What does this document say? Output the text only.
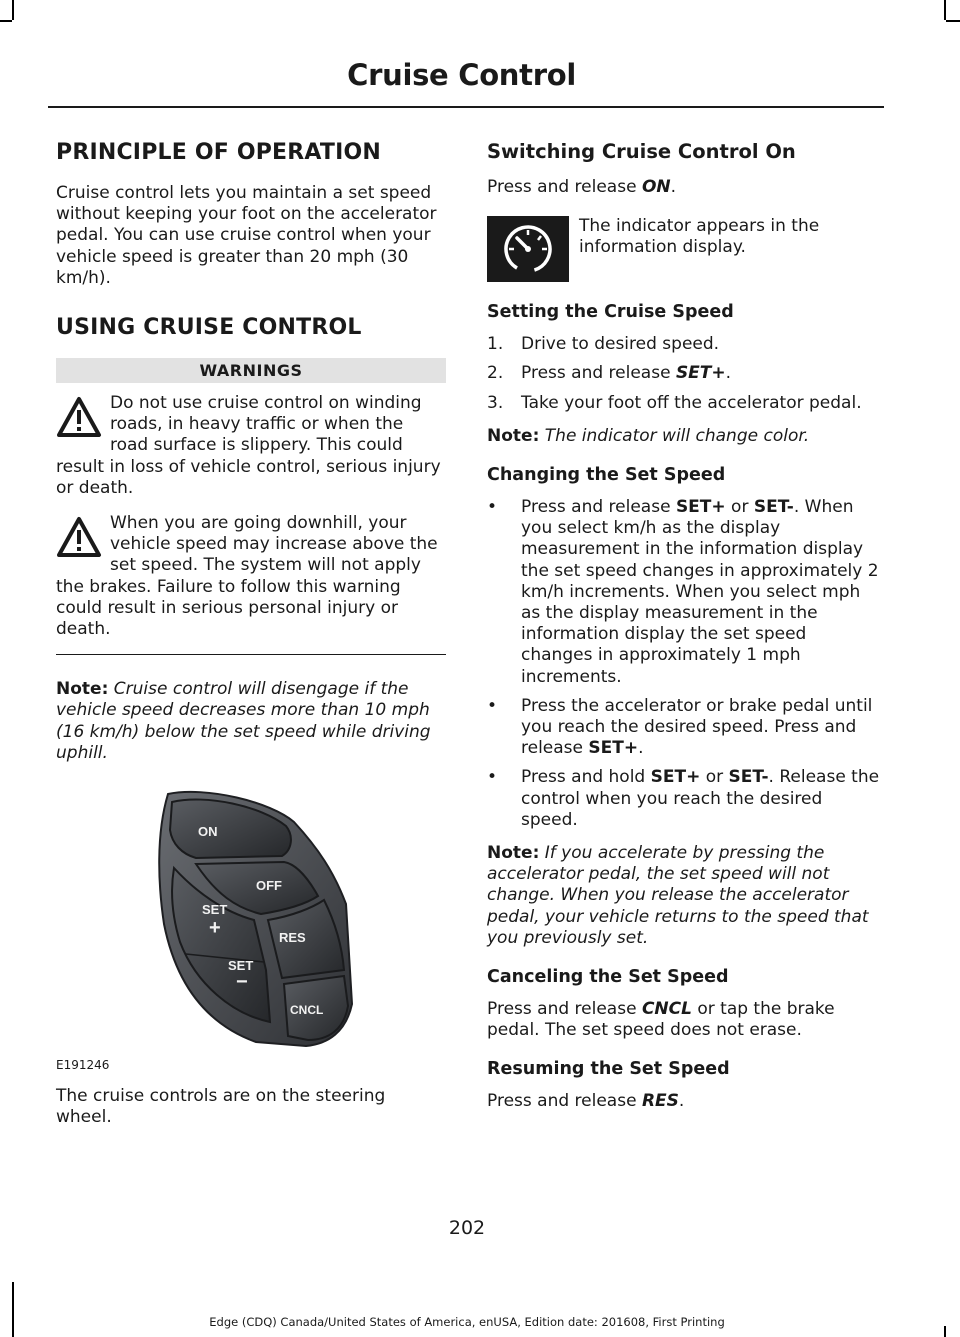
Cruise Control
PRINCIPLE OF OPERATION

Cruise control lets you maintain a set speed without keeping your foot on the accelerator pedal. You can use cruise control when your vehicle speed is greater than 20 mph (30 km/h).

USING CRUISE CONTROL
WARNINGS

Do not use cruise control on winding roads, in heavy traffic or when the road surface is slippery. This could result in loss of vehicle control, serious injury or death.

When you are going downhill, your vehicle speed may increase above the set speed. The system will not apply the brakes. Failure to follow this warning could result in serious personal injury or death.

Note: Cruise control will disengage if the vehicle speed decreases more than 10 mph (16 km/h) below the set speed while driving uphill.

ON
OFF
SET
+
SET
−
RES
CNCL
E191246

The cruise controls are on the steering wheel.

Switching Cruise Control On

Press and release ON.

The indicator appears in the information display.

Setting the Cruise Speed
1. Drive to desired speed.
2. Press and release SET+.
3. Take your foot off the accelerator pedal.

Note: The indicator will change color.

Changing the Set Speed
• Press and release SET+ or SET-. When you select km/h as the display measurement in the information display the set speed changes in approximately 2 km/h increments. When you select mph as the display measurement in the information display the set speed changes in approximately 1 mph increments.
• Press the accelerator or brake pedal until you reach the desired speed. Press and release SET+.
• Press and hold SET+ or SET-. Release the control when you reach the desired speed.

Note: If you accelerate by pressing the accelerator pedal, the set speed will not change. When you release the accelerator pedal, your vehicle returns to the speed that you previously set.

Canceling the Set Speed

Press and release CNCL or tap the brake pedal. The set speed does not erase.

Resuming the Set Speed

Press and release RES.

202
Edge (CDQ) Canada/United States of America, enUSA, Edition date: 201608, First Printing
